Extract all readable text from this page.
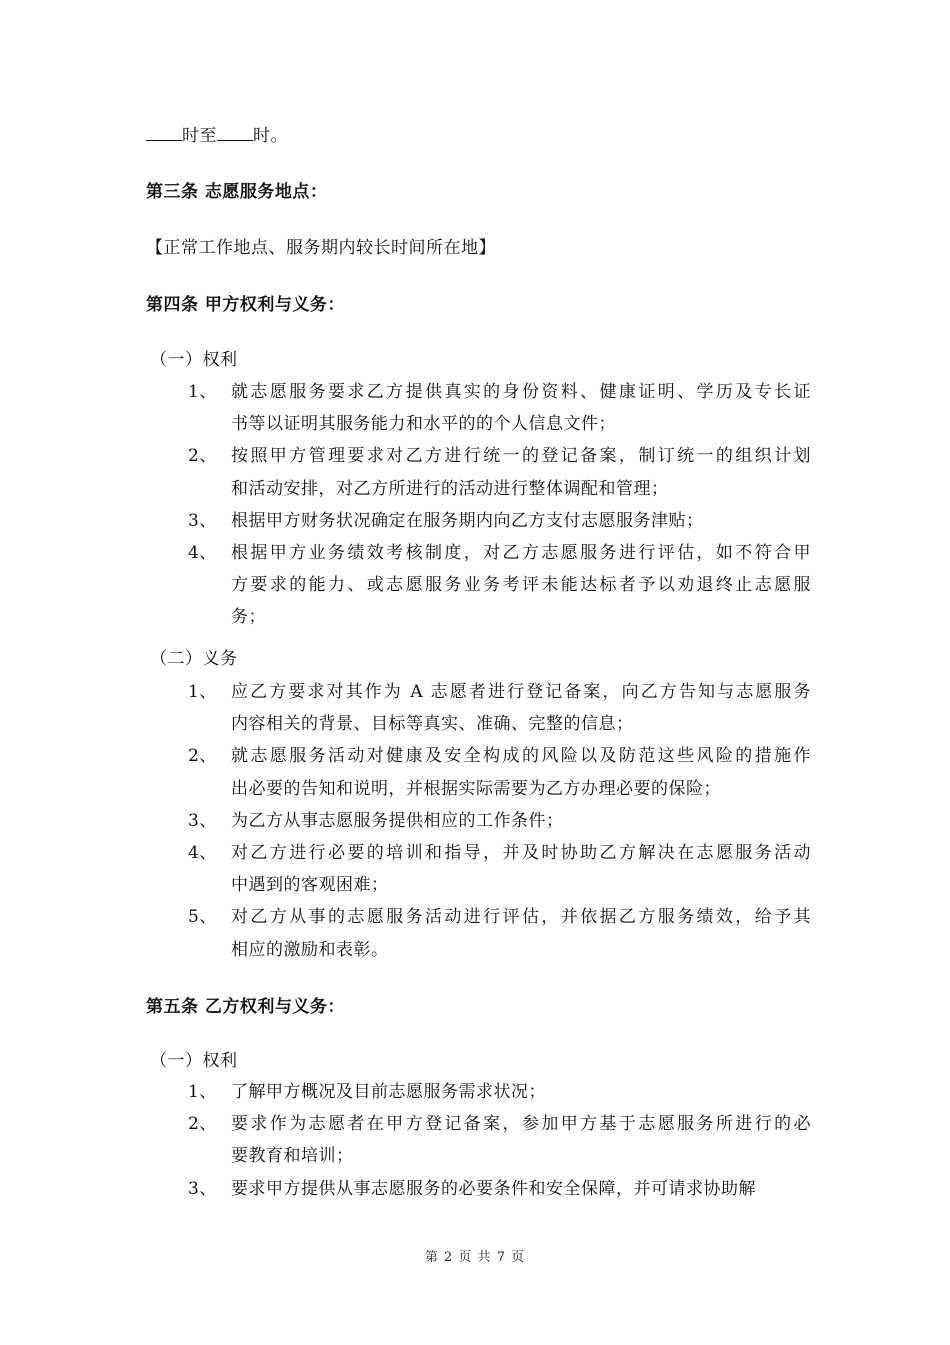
时至 时。
第三条 志愿服务地点：
【正常工作地点、服务期内较长时间所在地】
第四条 甲方权利与义务：
（一）权利
1、 就志愿服务要求乙方提供真实的身份资料、健康证明、学历及专长证
书等以证明其服务能力和水平的的个人信息文件；
2、 按照甲方管理要求对乙方进行统一的登记备案，制订统一的组织计划
和活动安排，对乙方所进行的活动进行整体调配和管理；
3、 根据甲方财务状况确定在服务期内向乙方支付志愿服务津贴；
4、 根据甲方业务绩效考核制度，对乙方志愿服务进行评估，如不符合甲
方要求的能力、或志愿服务业务考评未能达标者予以劝退终止志愿服
务；
（二）义务
1、 应乙方要求对其作为 A 志愿者进行登记备案，向乙方告知与志愿服务
内容相关的背景、目标等真实、准确、完整的信息；
2、 就志愿服务活动对健康及安全构成的风险以及防范这些风险的措施作
出必要的告知和说明，并根据实际需要为乙方办理必要的保险；
3、 为乙方从事志愿服务提供相应的工作条件；
4、 对乙方进行必要的培训和指导，并及时协助乙方解决在志愿服务活动
中遇到的客观困难；
5、 对乙方从事的志愿服务活动进行评估，并依据乙方服务绩效，给予其
相应的激励和表彰。
第五条 乙方权利与义务：
（一）权利
1、 了解甲方概况及目前志愿服务需求状况；
2、 要求作为志愿者在甲方登记备案，参加甲方基于志愿服务所进行的必
要教育和培训；
3、 要求甲方提供从事志愿服务的必要条件和安全保障，并可请求协助解
第 2 页 共 7 页
